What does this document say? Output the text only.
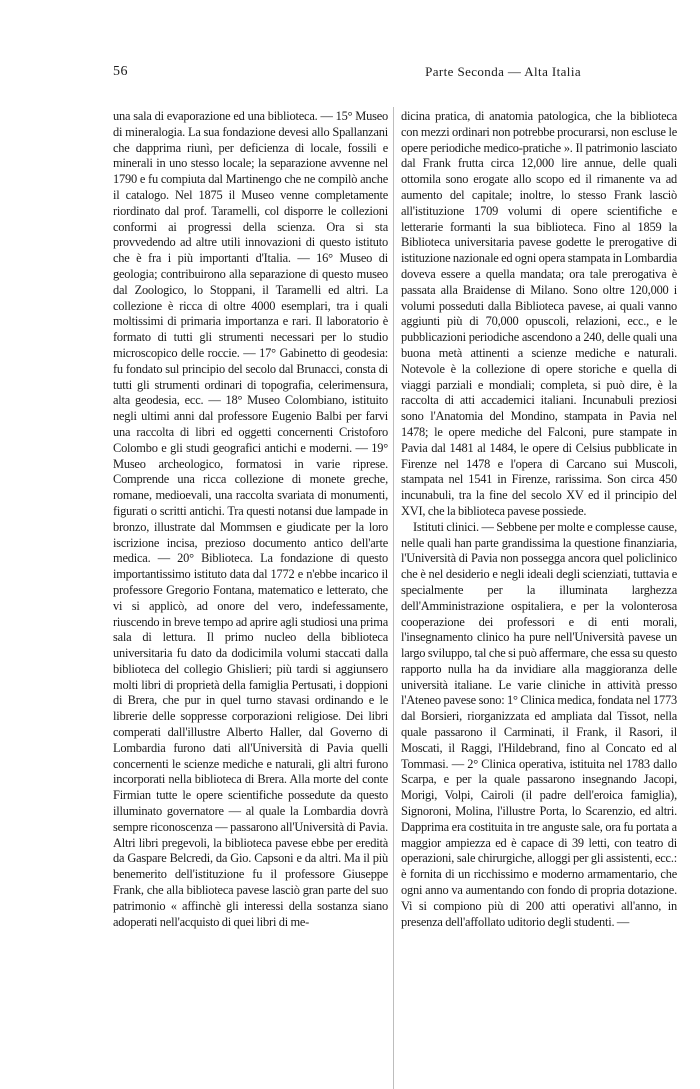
56	Parte Seconda — Alta Italia

una sala di evaporazione ed una biblioteca. — 15° Museo di mineralogia. La sua fondazione devesi allo Spallanzani che dapprima riunì, per deficienza di locale, fossili e minerali in uno stesso locale; la separazione avvenne nel 1790 e fu compiuta dal Martinengo che ne compilò anche il catalogo. Nel 1875 il Museo venne completamente riordinato dal prof. Taramelli, col disporre le collezioni conformi ai progressi della scienza. Ora si sta provvedendo ad altre utili innovazioni di questo istituto che è fra i più importanti d'Italia. — 16° Museo di geologia; contribuirono alla separazione di questo museo dal Zoologico, lo Stoppani, il Taramelli ed altri. La collezione è ricca di oltre 4000 esemplari, tra i quali moltissimi di primaria importanza e rari. Il laboratorio è formato di tutti gli strumenti necessari per lo studio microscopico delle roccie. — 17° Gabinetto di geodesia: fu fondato sul principio del secolo dal Brunacci, consta di tutti gli strumenti ordinari di topografia, celerimensura, alta geodesia, ecc. — 18° Museo Colombiano, istituito negli ultimi anni dal professore Eugenio Balbi per farvi una raccolta di libri ed oggetti concernenti Cristoforo Colombo e gli studi geografici antichi e moderni. — 19° Museo archeologico, formatosi in varie riprese. Comprende una ricca collezione di monete greche, romane, medioevali, una raccolta svariata di monumenti, figurati o scritti antichi. Tra questi notansi due lampade in bronzo, illustrate dal Mommsen e giudicate per la loro iscrizione incisa, prezioso documento antico dell'arte medica. — 20° Biblioteca. La fondazione di questo importantissimo istituto data dal 1772 e n'ebbe incarico il professore Gregorio Fontana, matematico e letterato, che vi si applicò, ad onore del vero, indefessamente, riuscendo in breve tempo ad aprire agli studiosi una prima sala di lettura. Il primo nucleo della biblioteca universitaria fu dato da dodicimila volumi staccati dalla biblioteca del collegio Ghislieri; più tardi si aggiunsero molti libri di proprietà della famiglia Pertusati, i doppioni di Brera, che pur in quel turno stavasi ordinando e le librerie delle soppresse corporazioni religiose. Dei libri comperati dall'illustre Alberto Haller, dal Governo di Lombardia furono dati all'Università di Pavia quelli concernenti le scienze mediche e naturali, gli altri furono incorporati nella biblioteca di Brera. Alla morte del conte Firmian tutte le opere scientifiche possedute da questo illuminato governatore — al quale la Lombardia dovrà sempre riconoscenza — passarono all'Università di Pavia. Altri libri pregevoli, la biblioteca pavese ebbe per eredità da Gaspare Belcredi, da Gio. Capsoni e da altri. Ma il più benemerito dell'istituzione fu il professore Giuseppe Frank, che alla biblioteca pavese lasciò gran parte del suo patrimonio « affinchè gli interessi della sostanza siano adoperati nell'acquisto di quei libri di me-

dicina pratica, di anatomia patologica, che la biblioteca con mezzi ordinari non potrebbe procurarsi, non escluse le opere periodiche medico-pratiche ». Il patrimonio lasciato dal Frank frutta circa 12,000 lire annue, delle quali ottomila sono erogate allo scopo ed il rimanente va ad aumento del capitale; inoltre, lo stesso Frank lasciò all'istituzione 1709 volumi di opere scientifiche e letterarie formanti la sua biblioteca. Fino al 1859 la Biblioteca universitaria pavese godette le prerogative di istituzione nazionale ed ogni opera stampata in Lombardia doveva essere a quella mandata; ora tale prerogativa è passata alla Braidense di Milano. Sono oltre 120,000 i volumi posseduti dalla Biblioteca pavese, ai quali vanno aggiunti più di 70,000 opuscoli, relazioni, ecc., e le pubblicazioni periodiche ascendono a 240, delle quali una buona metà attinenti a scienze mediche e naturali. Notevole è la collezione di opere storiche e quella di viaggi parziali e mondiali; completa, si può dire, è la raccolta di atti accademici italiani. Incunabuli preziosi sono l'Anatomia del Mondino, stampata in Pavia nel 1478; le opere mediche del Falconi, pure stampate in Pavia dal 1481 al 1484, le opere di Celsius pubblicate in Firenze nel 1478 e l'opera di Carcano sui Muscoli, stampata nel 1541 in Firenze, rarissima. Son circa 450 incunabuli, tra la fine del secolo XV ed il principio del XVI, che la biblioteca pavese possiede.

Istituti clinici. — Sebbene per molte e complesse cause, nelle quali han parte grandissima la questione finanziaria, l'Università di Pavia non posseggа ancora quel policlinico che è nel desiderio e negli ideali degli scienziati, tuttavia e specialmente per la illuminata larghezza dell'Amministrazione ospitaliera, e per la volonterosa cooperazione dei professori e di enti morali, l'insegnamento clinico ha pure nell'Università pavese un largo sviluppo, tal che si può affermare, che essa su questo rapporto nulla ha da invidiare alla maggioranza delle università italiane. Le varie cliniche in attività presso l'Ateneo pavese sono: 1° Clinica medica, fondata nel 1773 dal Borsieri, riorganizzata ed ampliata dal Tissot, nella quale passarono il Carminati, il Frank, il Rasori, il Moscati, il Raggi, l'Hildebrand, fino al Concato ed al Tommasi. — 2° Clinica operativa, istituita nel 1783 dallo Scarpa, e per la quale passarono insegnando Jacopi, Morigi, Volpi, Cairoli (il padre dell'eroica famiglia), Signoroni, Molina, l'illustre Porta, lo Scarenzio, ed altri. Dapprima era costituita in tre anguste sale, ora fu portata a maggior ampiezza ed è capace di 39 letti, con teatro di operazioni, sale chirurgiche, alloggi per gli assistenti, ecc.: è fornita di un ricchissimo e moderno armamentario, che ogni anno va aumentando con fondo di propria dotazione. Vi si compiono più di 200 atti operativi all'anno, in presenza dell'affollato uditorio degli studenti. —
